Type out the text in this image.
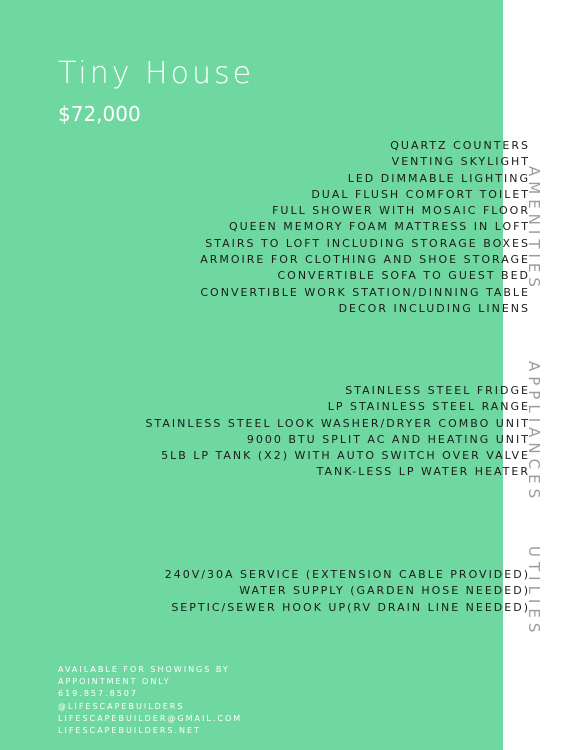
Tiny House
$72,000
QUARTZ COUNTERS
VENTING SKYLIGHT
LED DIMMABLE LIGHTING
DUAL FLUSH COMFORT TOILET
FULL SHOWER WITH MOSAIC FLOOR
QUEEN MEMORY FOAM MATTRESS IN LOFT
STAIRS TO LOFT INCLUDING STORAGE BOXES
ARMOIRE FOR CLOTHING AND SHOE STORAGE
CONVERTIBLE SOFA TO GUEST BED
CONVERTIBLE WORK STATION/DINNING TABLE
DECOR INCLUDING LINENS
STAINLESS STEEL FRIDGE
LP STAINLESS STEEL RANGE
STAINLESS STEEL LOOK WASHER/DRYER COMBO UNIT
9000 BTU SPLIT AC AND HEATING UNIT
5LB LP TANK (X2) WITH AUTO SWITCH OVER VALVE
TANK-LESS LP WATER HEATER
240V/30A SERVICE (EXTENSION CABLE PROVIDED)
WATER SUPPLY (GARDEN HOSE NEEDED)
SEPTIC/SEWER HOOK UP(RV DRAIN LINE NEEDED)
AMENITIES
APPLIANCES
UTILIES
AVAILABLE FOR SHOWINGS BY
APPOINTMENT ONLY
619.857.8507
@LIFESCAPEBUILDERS
LIFESCAPEBUILDER@GMAIL.COM
LIFESCAPEBUILDERS.NET
